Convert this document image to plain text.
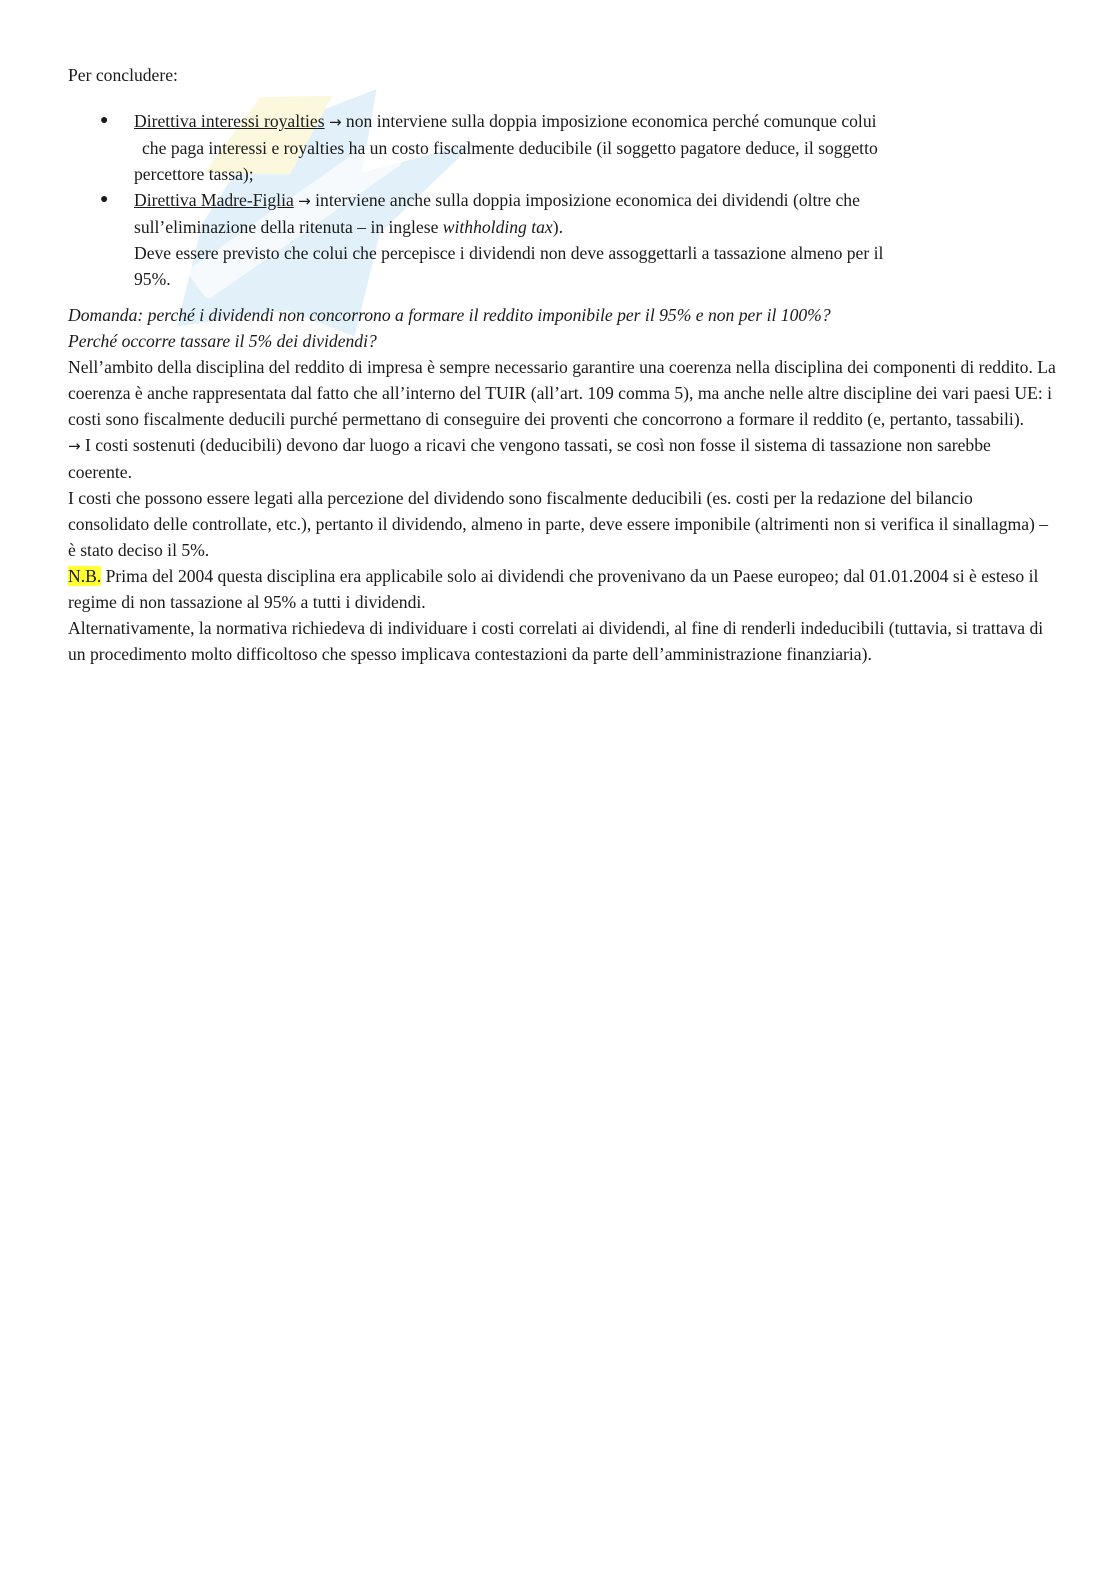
Per concludere:

● Direttiva interessi royalties → non interviene sulla doppia imposizione economica perché comunque colui
che paga interessi e royalties ha un costo fiscalmente deducibile (il soggetto pagatore deduce, il soggetto
percettore tassa);
● Direttiva Madre-Figlia → interviene anche sulla doppia imposizione economica dei dividendi (oltre che
sull’eliminazione della ritenuta – in inglese withholding tax).
Deve essere previsto che colui che percepisce i dividendi non deve assoggettarli a tassazione almeno per il
95%.

Domanda: perché i dividendi non concorrono a formare il reddito imponibile per il 95% e non per il 100%?

Perché occorre tassare il 5% dei dividendi?

Nell’ambito della disciplina del reddito di impresa è sempre necessario garantire una coerenza nella disciplina dei componenti di reddito. La coerenza è anche rappresentata dal fatto che all’interno del TUIR (all’art. 109 comma 5), ma anche nelle altre discipline dei vari paesi UE: i costi sono fiscalmente deducili purché permettano di conseguire dei proventi che concorrono a formare il reddito (e, pertanto, tassabili).

→ I costi sostenuti (deducibili) devono dar luogo a ricavi che vengono tassati, se così non fosse il sistema di tassazione non sarebbe coerente.

I costi che possono essere legati alla percezione del dividendo sono fiscalmente deducibili (es. costi per la redazione del bilancio consolidato delle controllate, etc.), pertanto il dividendo, almeno in parte, deve essere imponibile (altrimenti non si verifica il sinallagma) – è stato deciso il 5%.

N.B. Prima del 2004 questa disciplina era applicabile solo ai dividendi che provenivano da un Paese europeo; dal 01.01.2004 si è esteso il regime di non tassazione al 95% a tutti i dividendi.

Alternativamente, la normativa richiedeva di individuare i costi correlati ai dividendi, al fine di renderli indeducibili (tuttavia, si trattava di un procedimento molto difficoltoso che spesso implicava contestazioni da parte dell’amministrazione finanziaria).
